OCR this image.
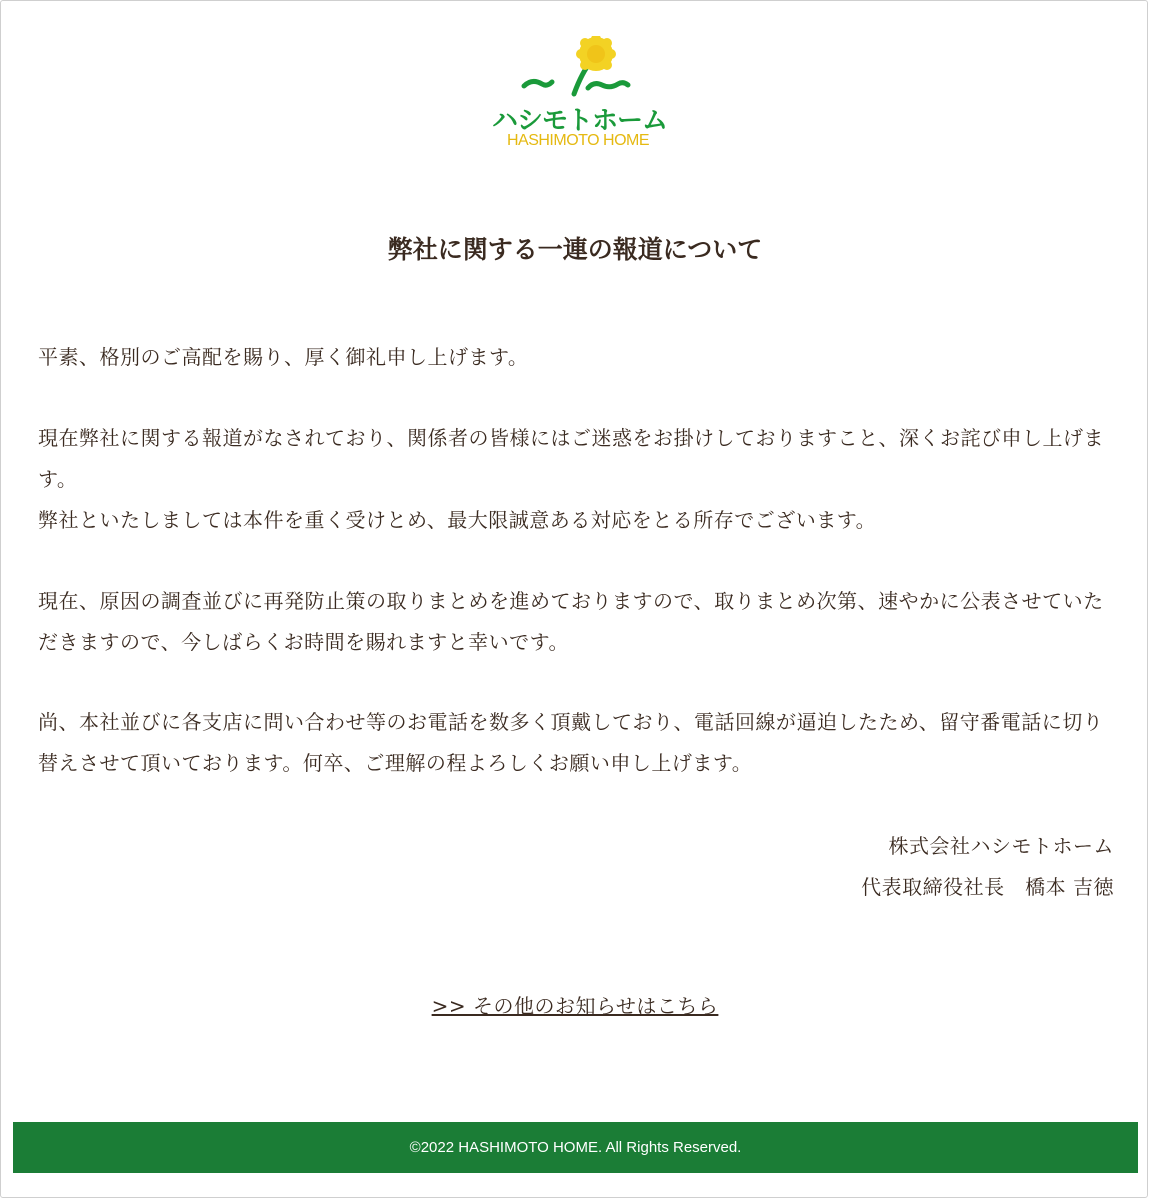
ハシモトホーム
HASHIMOTO HOME
弊社に関する一連の報道について

平素、格別のご高配を賜り、厚く御礼申し上げます。

現在弊社に関する報道がなされており、関係者の皆様にはご迷惑をお掛けしておりますこと、深くお詫び申し上げます。

弊社といたしましては本件を重く受けとめ、最大限誠意ある対応をとる所存でございます。

現在、原因の調査並びに再発防止策の取りまとめを進めておりますので、取りまとめ次第、速やかに公表させていただきますので、今しばらくお時間を賜れますと幸いです。

尚、本社並びに各支店に問い合わせ等のお電話を数多く頂戴しており、電話回線が逼迫したため、留守番電話に切り替えさせて頂いております。何卒、ご理解の程よろしくお願い申し上げます。

株式会社ハシモトホーム
代表取締役社長　橋本 吉徳
>> その他のお知らせはこちら
©2022 HASHIMOTO HOME. All Rights Reserved.
